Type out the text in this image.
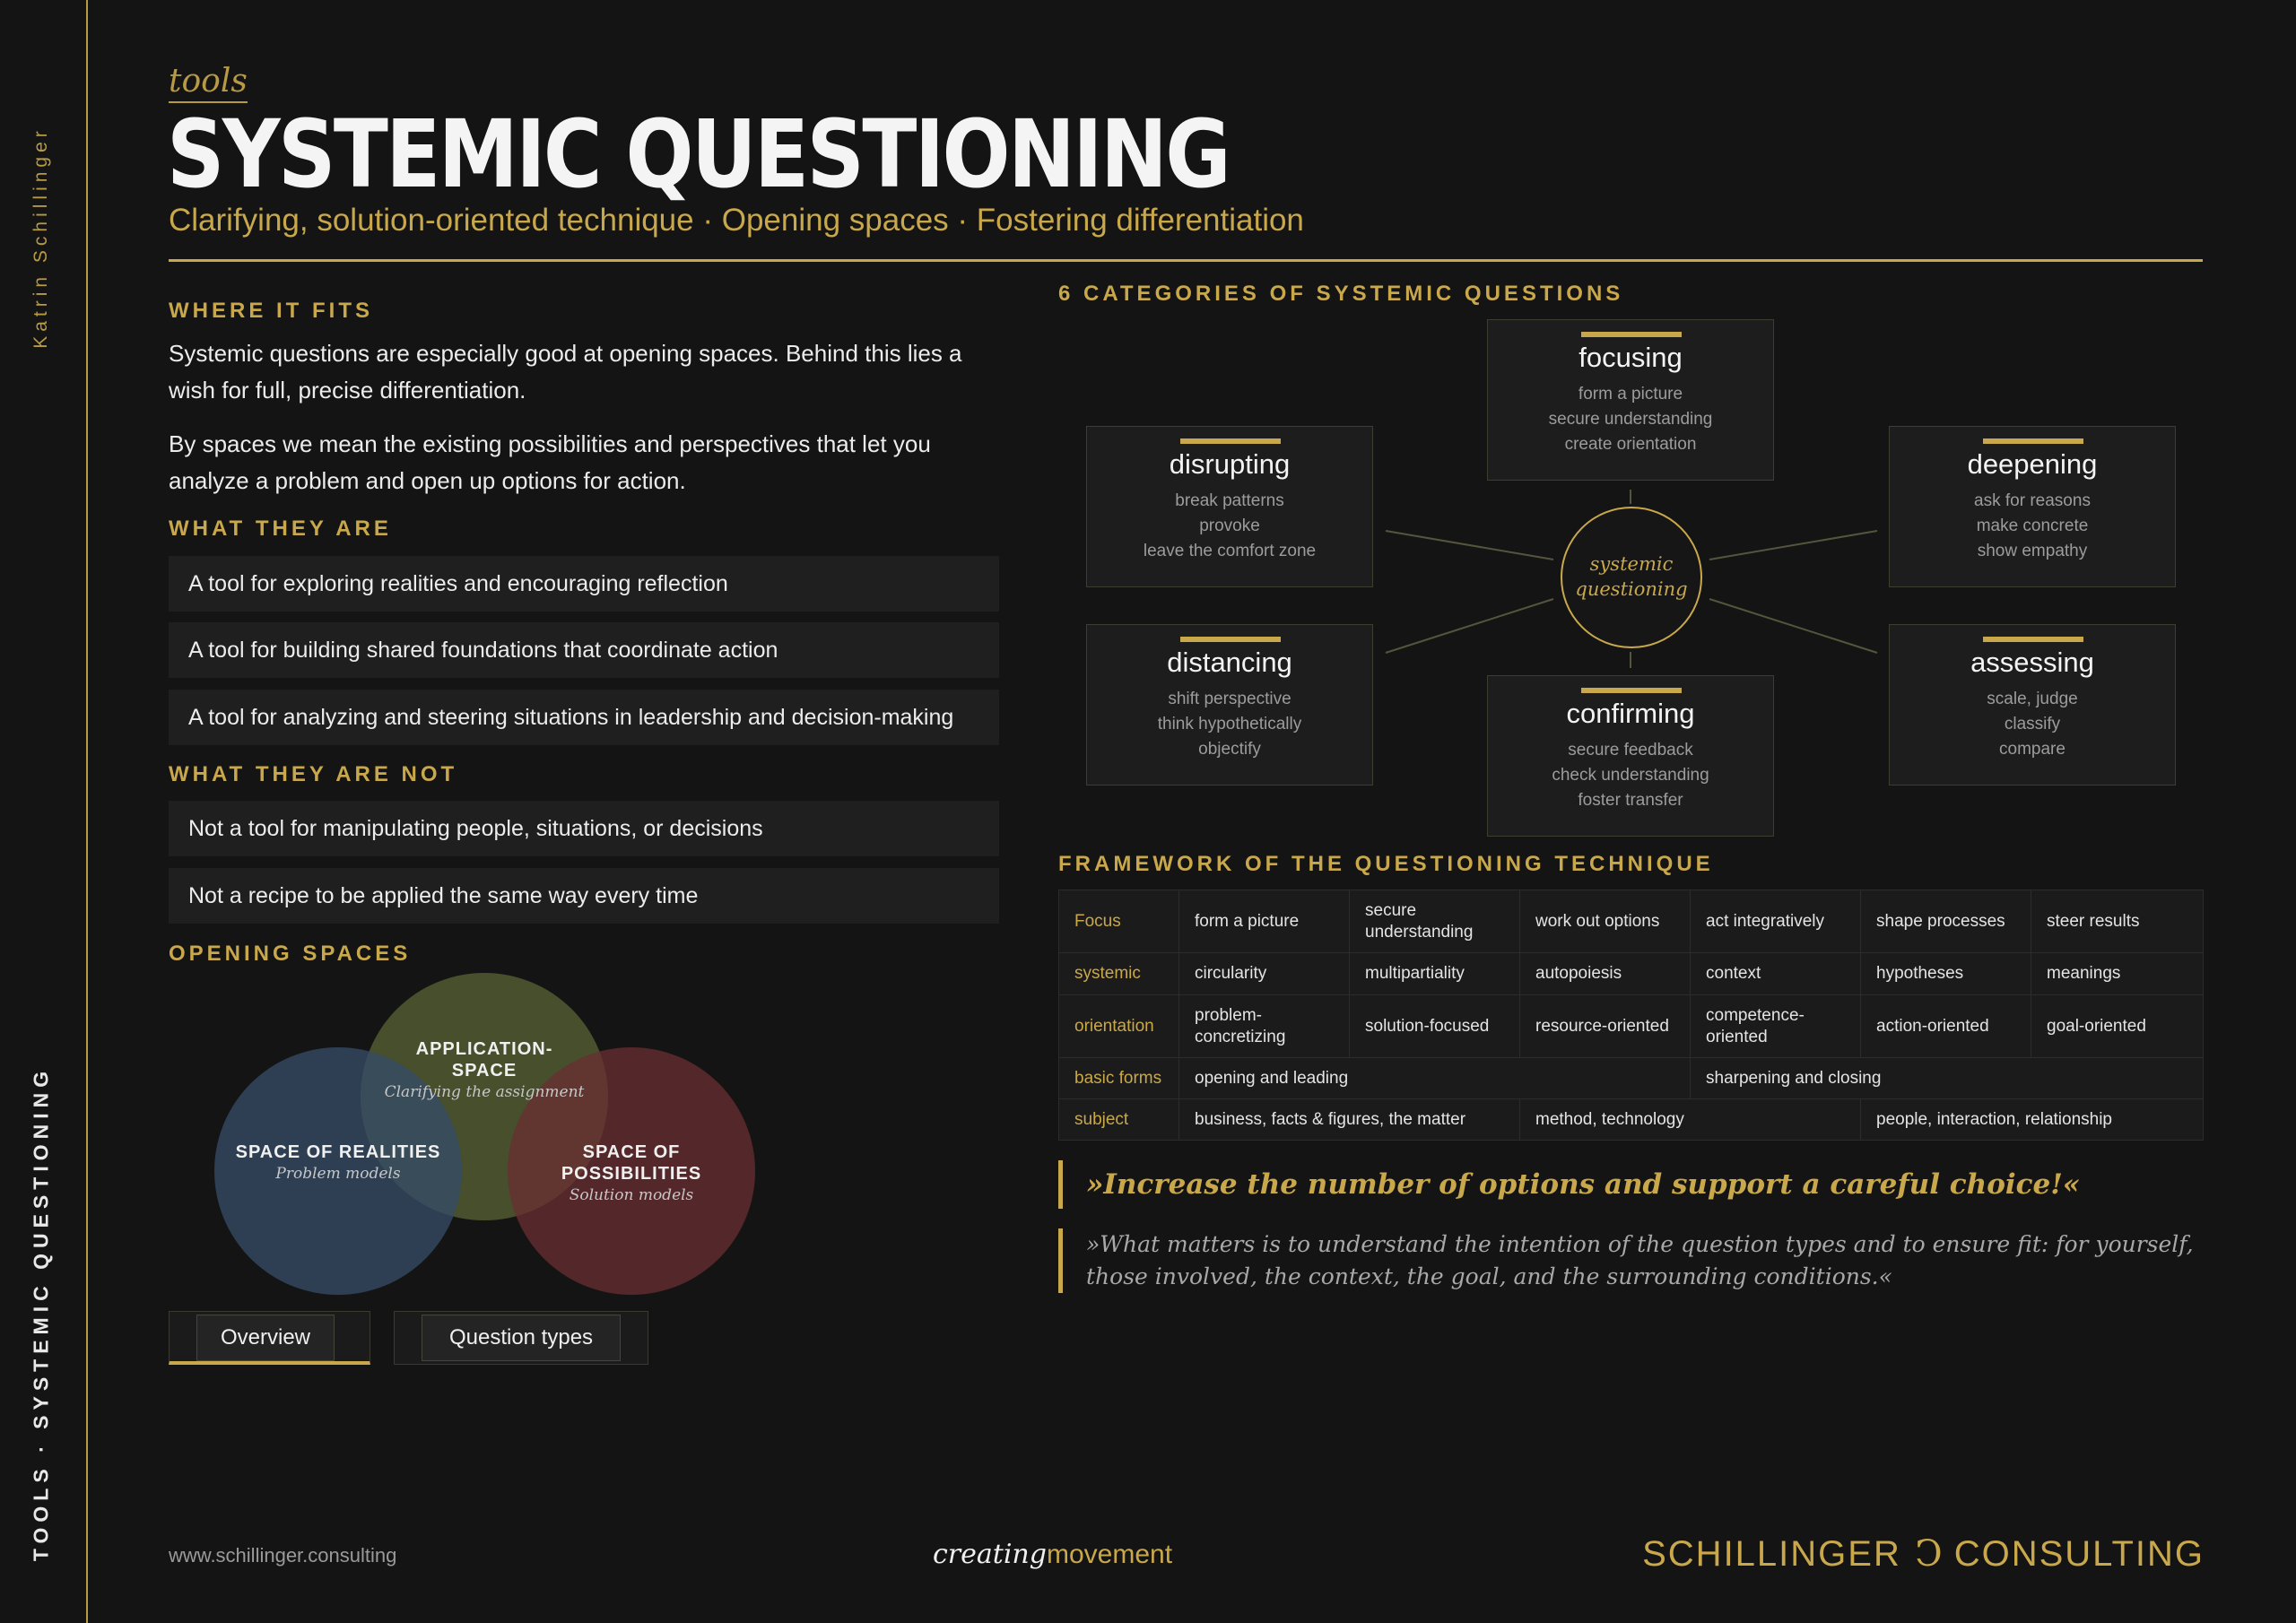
Katrin Schillinger
TOOLS · SYSTEMIC QUESTIONING
tools
SYSTEMIC QUESTIONING
Clarifying, solution-oriented technique · Opening spaces · Fostering differentiation
WHERE IT FITS
Systemic questions are especially good at opening spaces. Behind this lies a wish for full, precise differentiation.
By spaces we mean the existing possibilities and perspectives that let you analyze a problem and open up options for action.
WHAT THEY ARE
A tool for exploring realities and encouraging reflection
A tool for building shared foundations that coordinate action
A tool for analyzing and steering situations in leadership and decision-making
WHAT THEY ARE NOT
Not a tool for manipulating people, situations, or decisions
Not a recipe to be applied the same way every time
OPENING SPACES
APPLICATION-
SPACE
Clarifying the assignment
SPACE OF REALITIES
Problem models
SPACE OF
POSSIBILITIES
Solution models
Overview	Question types
6 CATEGORIES OF SYSTEMIC QUESTIONS
focusing
form a picture
secure understanding
create orientation
disrupting
break patterns
provoke
leave the comfort zone
deepening
ask for reasons
make concrete
show empathy
distancing
shift perspective
think hypothetically
objectify
assessing
scale, judge
classify
compare
confirming
secure feedback
check understanding
foster transfer
systemic
questioning
FRAMEWORK OF THE QUESTIONING TECHNIQUE
Focus	form a picture	secure understanding	work out options	act integratively	shape processes	steer results
systemic	circularity	multipartiality	autopoiesis	context	hypotheses	meanings
orientation	problem-concretizing	solution-focused	resource-oriented	competence-oriented	action-oriented	goal-oriented
basic forms	opening and leading			sharpening and closing		
subject	business, facts & figures, the matter		method, technology		people, interaction, relationship	
»Increase the number of options and support a careful choice!«
»What matters is to understand the intention of the question types and to ensure fit: for yourself, those involved, the context, the goal, and the surrounding conditions.«
www.schillinger.consulting	creatingmovement	SCHILLINGER C CONSULTING
